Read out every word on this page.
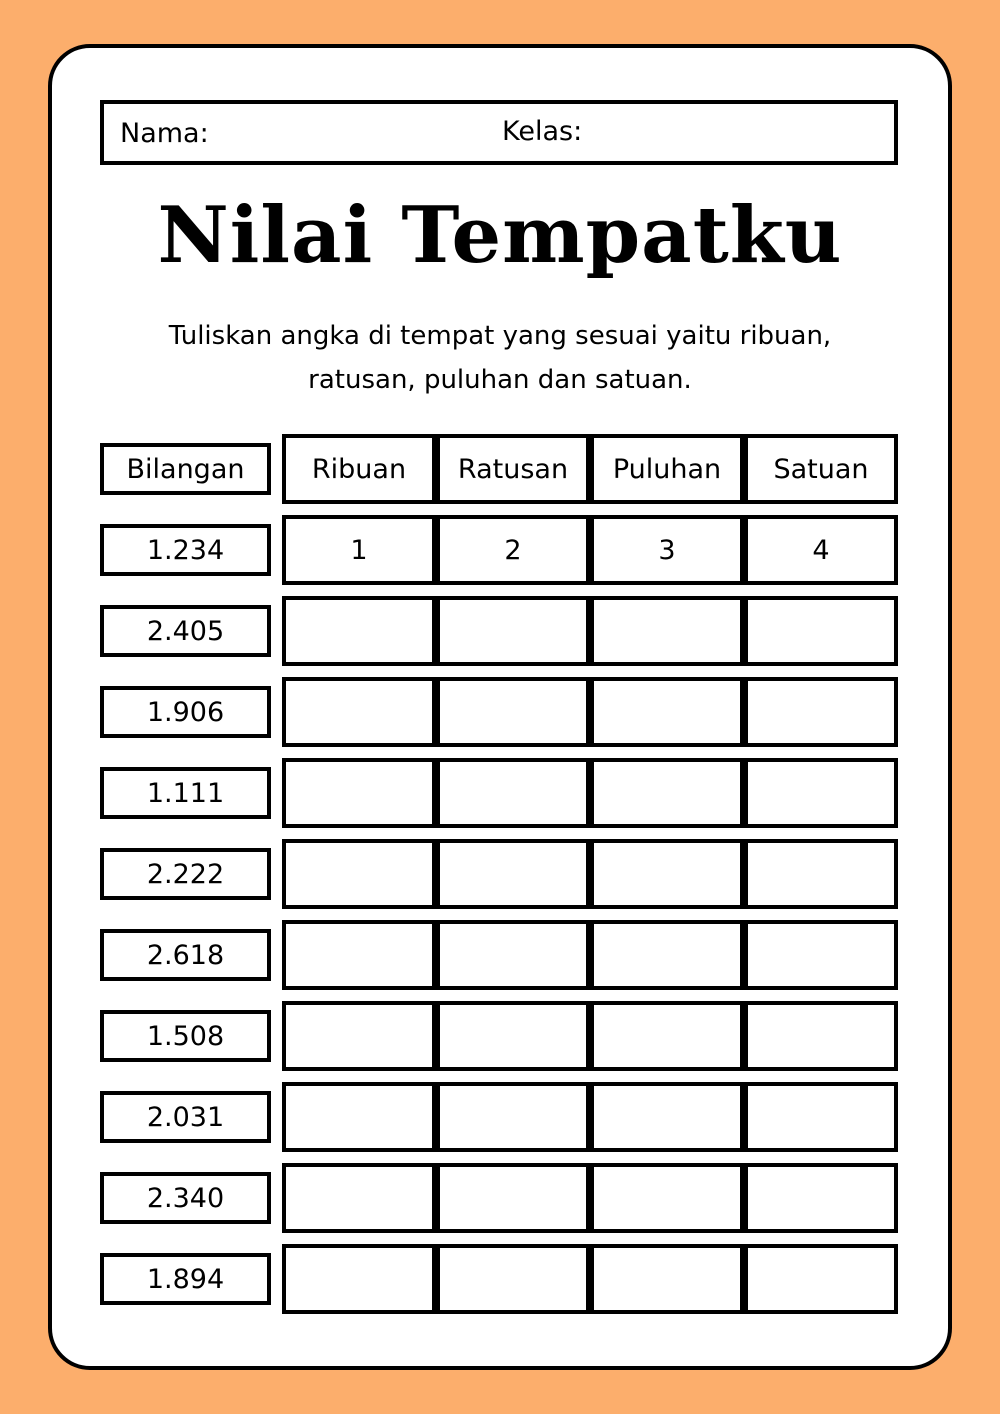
Nama:	Kelas:
Nilai Tempatku
Tuliskan angka di tempat yang sesuai yaitu ribuan,
ratusan, puluhan dan satuan.
Bilangan	Ribuan	Ratusan	Puluhan	Satuan
1.234	1	2	3	4
2.405
1.906
1.111
2.222
2.618
1.508
2.031
2.340
1.894
